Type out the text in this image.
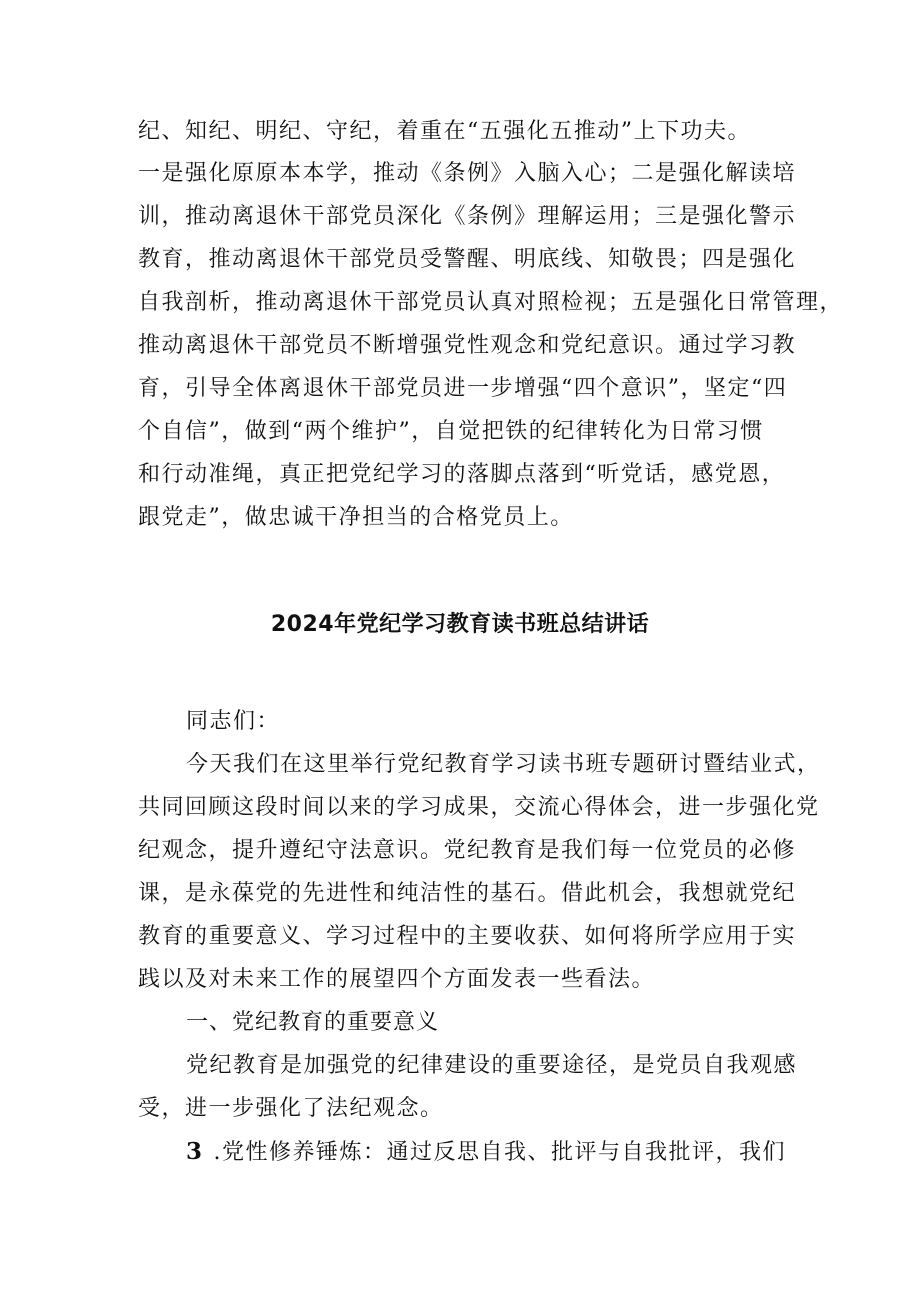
纪、知纪、明纪、守纪，着重在“五强化五推动”上下功夫。
一是强化原原本本学，推动《条例》入脑入心；二是强化解读培
训，推动离退休干部党员深化《条例》理解运用；三是强化警示
教育，推动离退休干部党员受警醒、明底线、知敬畏；四是强化
自我剖析，推动离退休干部党员认真对照检视；五是强化日常管理，
推动离退休干部党员不断增强党性观念和党纪意识。通过学习教
育，引导全体离退休干部党员进一步增强“四个意识”，坚定“四
个自信”，做到“两个维护”，自觉把铁的纪律转化为日常习惯
和行动准绳，真正把党纪学习的落脚点落到“听党话，感党恩，
跟党走”，做忠诚干净担当的合格党员上。
2024年党纪学习教育读书班总结讲话
同志们：
今天我们在这里举行党纪教育学习读书班专题研讨暨结业式，
共同回顾这段时间以来的学习成果，交流心得体会，进一步强化党
纪观念，提升遵纪守法意识。党纪教育是我们每一位党员的必修
课，是永葆党的先进性和纯洁性的基石。借此机会，我想就党纪
教育的重要意义、学习过程中的主要收获、如何将所学应用于实
践以及对未来工作的展望四个方面发表一些看法。
一、党纪教育的重要意义
党纪教育是加强党的纪律建设的重要途径，是党员自我观感
受，进一步强化了法纪观念。
3 .党性修养锤炼：通过反思自我、批评与自我批评，我们
